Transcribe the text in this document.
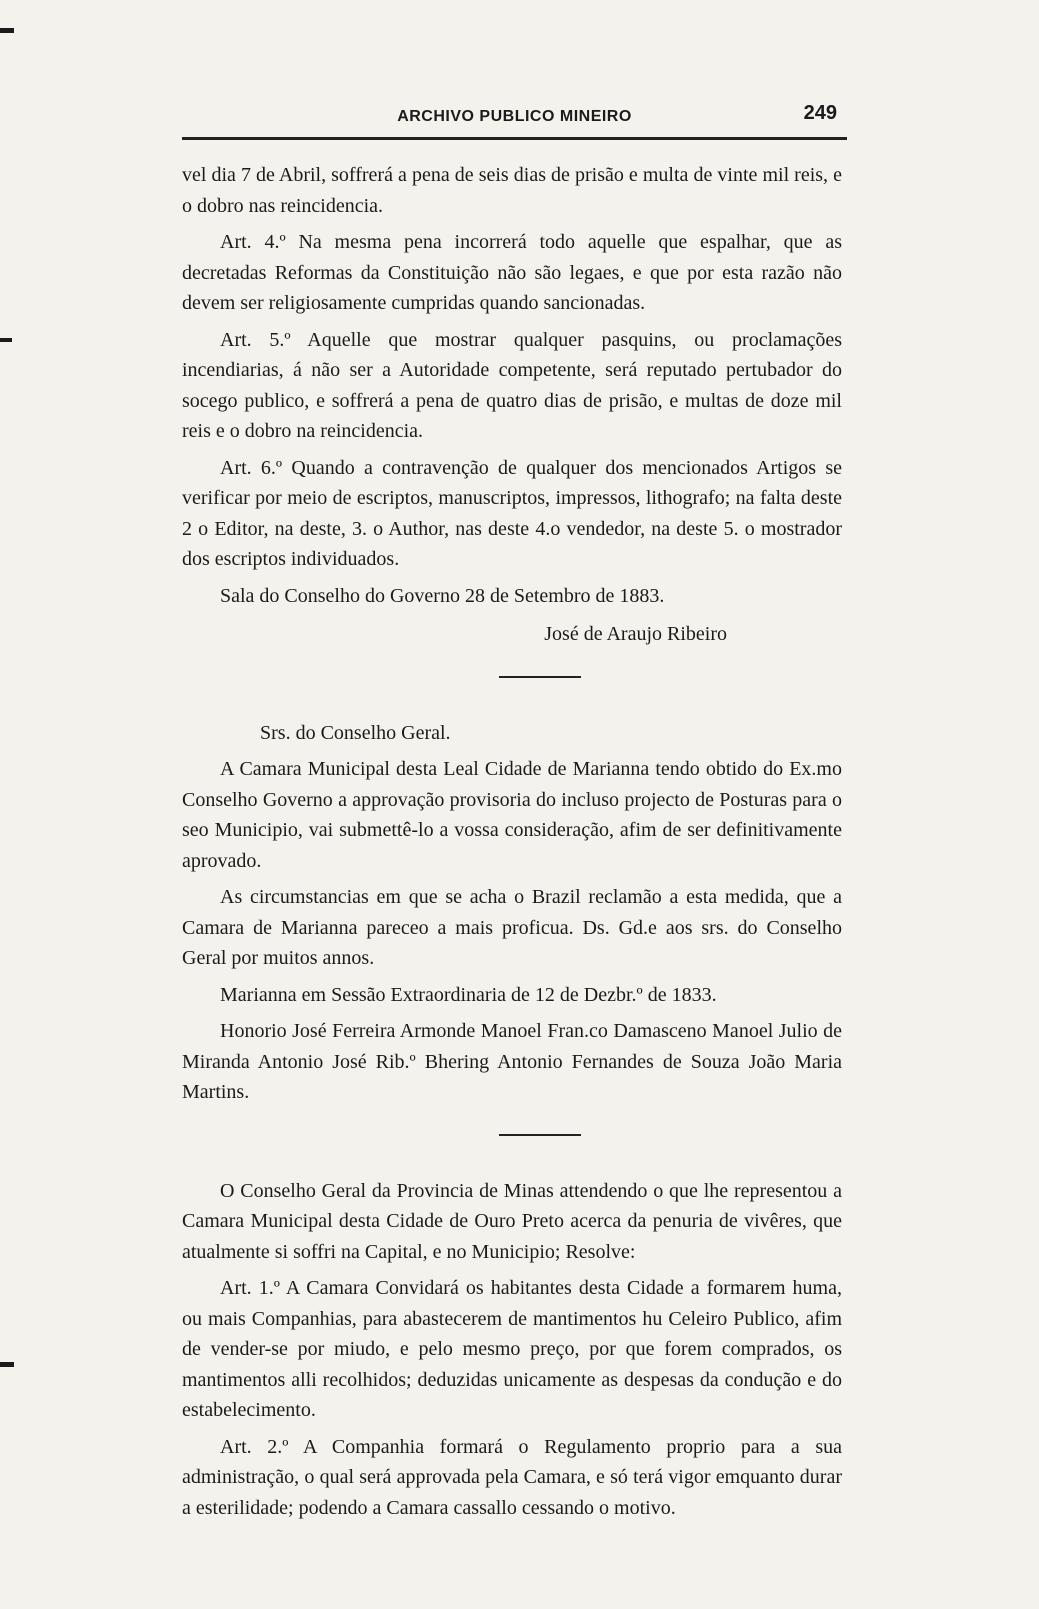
ARCHIVO PUBLICO MINEIRO	249

vel dia 7 de Abril, soffrerá a pena de seis dias de prisão e multa de vinte mil reis, e o dobro nas reincidencia.

Art. 4.º Na mesma pena incorrerá todo aquelle que espalhar, que as decretadas Reformas da Constituição não são legaes, e que por esta razão não devem ser religiosamente cumpridas quando sancionadas.

Art. 5.º Aquelle que mostrar qualquer pasquins, ou proclamações incendiarias, á não ser a Autoridade competente, será reputado pertubador do socego publico, e soffrerá a pena de quatro dias de prisão, e multas de doze mil reis e o dobro na reincidencia.

Art. 6.º Quando a contravenção de qualquer dos mencionados Artigos se verificar por meio de escriptos, manuscriptos, impressos, lithografo; na falta deste 2 o Editor, na deste, 3. o Author, nas deste 4.o vendedor, na deste 5. o mostrador dos escriptos individuados.

Sala do Conselho do Governo 28 de Setembro de 1883.

José de Araujo Ribeiro

Srs. do Conselho Geral.

A Camara Municipal desta Leal Cidade de Marianna tendo obtido do Ex.mo Conselho Governo a approvação provisoria do incluso projecto de Posturas para o seo Municipio, vai submettê-lo a vossa consideração, afim de ser definitivamente aprovado.

As circumstancias em que se acha o Brazil reclamão a esta medida, que a Camara de Marianna pareceo a mais proficua. Ds. Gd.e aos srs. do Conselho Geral por muitos annos.

Marianna em Sessão Extraordinaria de 12 de Dezbr.º de 1833.

Honorio José Ferreira Armonde Manoel Fran.co Damasceno Manoel Julio de Miranda Antonio José Rib.º Bhering Antonio Fernandes de Souza João Maria Martins.

O Conselho Geral da Provincia de Minas attendendo o que lhe representou a Camara Municipal desta Cidade de Ouro Preto acerca da penuria de vivêres, que atualmente si soffri na Capital, e no Municipio; Resolve:

Art. 1.º A Camara Convidará os habitantes desta Cidade a formarem huma, ou mais Companhias, para abastecerem de mantimentos hu Celeiro Publico, afim de vender-se por miudo, e pelo mesmo preço, por que forem comprados, os mantimentos alli recolhidos; deduzidas unicamente as despesas da condução e do estabelecimento.

Art. 2.º A Companhia formará o Regulamento proprio para a sua administração, o qual será approvada pela Camara, e só terá vigor emquanto durar a esterilidade; podendo a Camara cassallo cessando o motivo.
